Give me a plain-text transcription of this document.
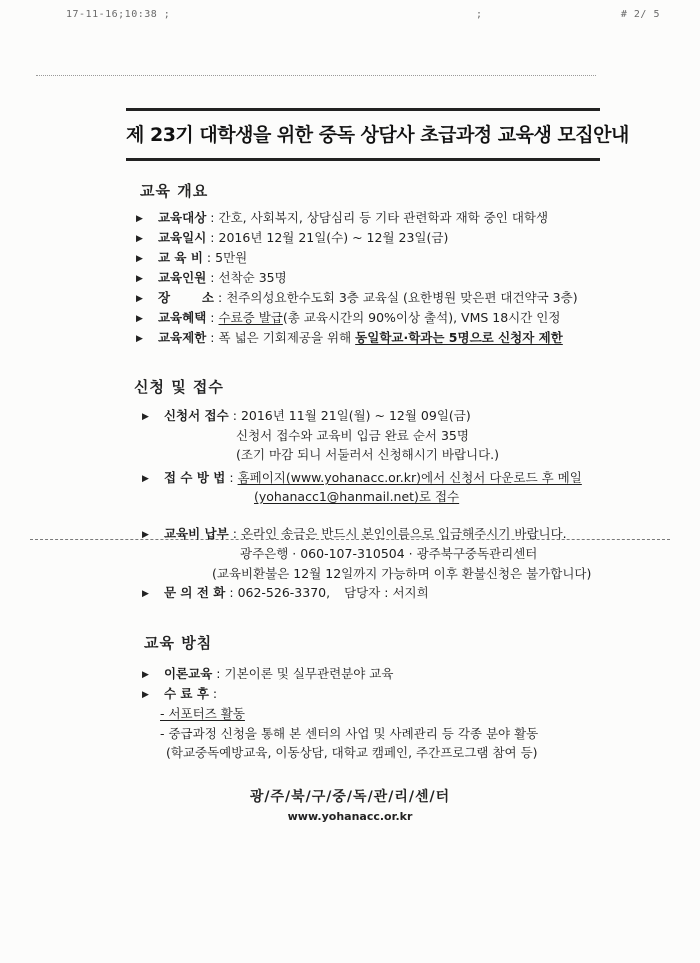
17-11-16;10:38 ;	;	# 2/ 5
제 23기 대학생을 위한 중독 상담사 초급과정 교육생 모집안내
교육 개요
▶ 교육대상 : 간호, 사회복지, 상담심리 등 기타 관련학과 재학 중인 대학생
▶ 교육일시 : 2016년 12월 21일(수) ~ 12월 23일(금)
▶ 교 육 비 : 5만원
▶ 교육인원 : 선착순 35명
▶ 장 소 : 천주의성요한수도회 3층 교육실 (요한병원 맞은편 대건약국 3층)
▶ 교육혜택 : 수료증 발급(총 교육시간의 90%이상 출석), VMS 18시간 인정
▶ 교육제한 : 폭 넓은 기회제공을 위해 동일학교·학과는 5명으로 신청자 제한
신청 및 접수
▶ 신청서 접수 : 2016년 11월 21일(월) ~ 12월 09일(금)
신청서 접수와 교육비 입금 완료 순서 35명
(조기 마감 되니 서둘러서 신청해시기 바랍니다.)
▶ 접 수 방 법 : 홈페이지(www.yohanacc.or.kr)에서 신청서 다운로드 후 메일
(yohanacc1@hanmail.net)로 접수
▶ 교육비 납부 : 온라인 송금은 반드시 본인이름으로 입금해주시기 바랍니다.
광주은행 · 060-107-310504 · 광주북구중독관리센터
(교육비환불은 12월 12일까지 가능하며 이후 환불신청은 불가합니다)
▶ 문 의 전 화 : 062-526-3370, 담당자 : 서지희
교육 방침
▶ 이론교육 : 기본이론 및 실무관련분야 교육
▶ 수 료 후 :
- 서포터즈 활동
- 중급과정 신청을 통해 본 센터의 사업 및 사례관리 등 각종 분야 활동
(학교중독예방교육, 이동상담, 대학교 캠페인, 주간프로그램 참여 등)
광/주/북/구/중/독/관/리/센/터
www.yohanacc.or.kr
